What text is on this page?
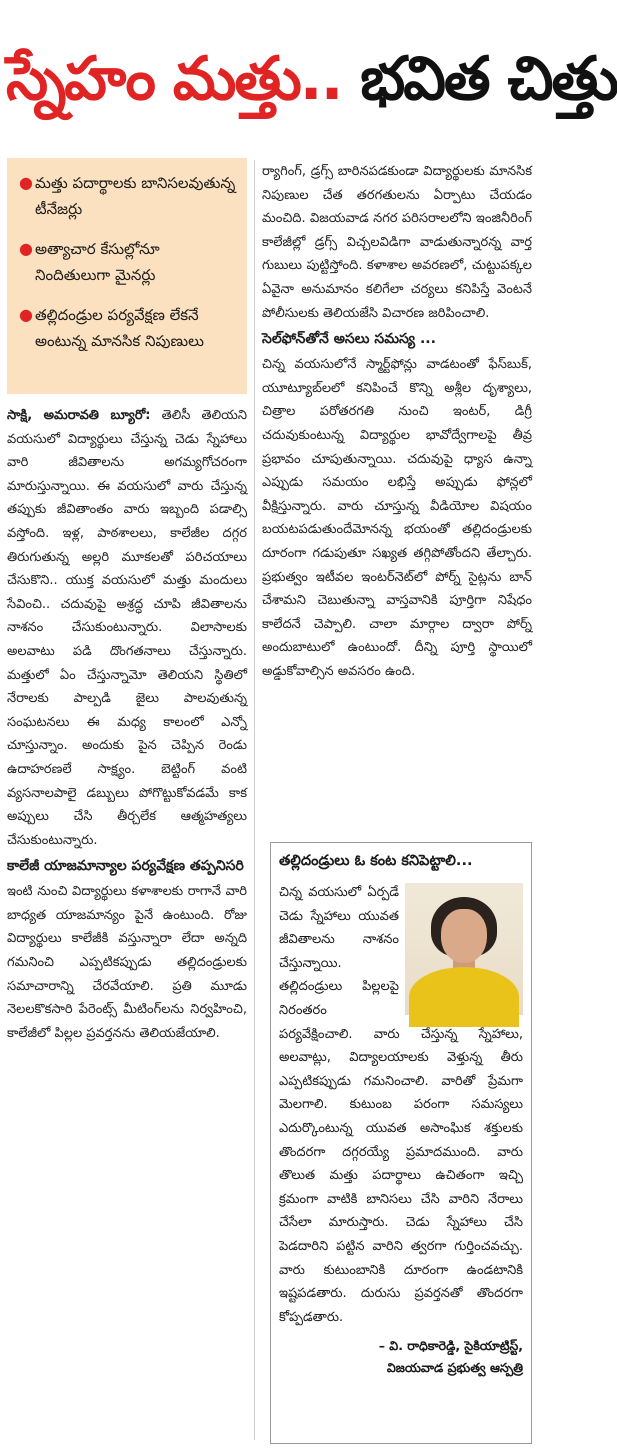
స్నేహం మత్తు.. భవిత చిత్తు
● మత్తు పదార్థాలకు బానిసలవుతున్న టీనేజర్లు
● అత్యాచార కేసుల్లోనూ నిందితులుగా మైనర్లు
● తల్లిదండ్రుల పర్యవేక్షణ లేకనే అంటున్న మానసిక నిపుణులు

సాక్షి, అమరావతి బ్యూరో: తెలిసీ తెలియని వయసులో విద్యార్థులు చేస్తున్న చెడు స్నేహాలు వారి జీవితాలను అగమ్యగోచరంగా మారుస్తున్నాయి. ఈ వయసులో వారు చేస్తున్న తప్పుకు జీవితాంతం వారు ఇబ్బంది పడాల్సి వస్తోంది. ఇళ్ల, పాఠశాలలు, కాలేజీల దగ్గర తిరుగుతున్న అల్లరి మూకలతో పరిచయాలు చేసుకొని.. యుక్త వయసులో మత్తు మందులు సేవించి.. చదువుపై అశ్రద్ధ చూపి జీవితాలను నాశనం చేసుకుంటున్నారు. విలాసాలకు అలవాటు పడి దొంగతనాలు చేస్తున్నారు. మత్తులో ఏం చేస్తున్నామో తెలియని స్థితిలో నేరాలకు పాల్పడి జైలు పాలవుతున్న సంఘటనలు ఈ మధ్య కాలంలో ఎన్నో చూస్తున్నాం. అందుకు పైన చెప్పిన రెండు ఉదాహరణలే సాక్ష్యం. బెట్టింగ్ వంటి వ్యసనాలపాలై డబ్బులు పోగొట్టుకోవడమే కాక అప్పులు చేసి తీర్చలేక ఆత్మహత్యలు చేసుకుంటున్నారు.

కాలేజీ యాజమాన్యాల పర్యవేక్షణ తప్పనిసరి

ఇంటి నుంచి విద్యార్థులు కళాశాలకు రాగానే వారి బాధ్యత యాజమాన్యం పైనే ఉంటుంది. రోజు విద్యార్థులు కాలేజీకి వస్తున్నారా లేదా అన్నది గమనించి ఎప్పటికప్పుడు తల్లిదండ్రులకు సమాచారాన్ని చేరవేయాలి. ప్రతి మూడు నెలలకొకసారి పేరెంట్స్ మీటింగ్‌లను నిర్వహించి, కాలేజీలో పిల్లల ప్రవర్తనను తెలియజేయాలి.

ర్యాగింగ్, డ్రగ్స్ బారినపడకుండా విద్యార్థులకు మానసిక నిపుణుల చేత తరగతులను ఏర్పాటు చేయడం మంచిది. విజయవాడ నగర పరిసరాలలోని ఇంజినీరింగ్ కాలేజీల్లో డ్రగ్స్ విచ్చలవిడిగా వాడుతున్నారన్న వార్త గుబులు పుట్టిస్తోంది. కళాశాల అవరణలో, చుట్టుపక్కల ఏవైనా అనుమానం కలిగేలా చర్యలు కనిపిస్తే వెంటనే పోలీసులకు తెలియజేసి విచారణ జరిపించాలి.

సెల్‌ఫోన్‌తోనే అసలు సమస్య ...

చిన్న వయసులోనే స్మార్ట్‌ఫోన్లు వాడటంతో ఫేస్‌బుక్, యూట్యూబ్‌లలో కనిపించే కొన్ని అశ్లీల దృశ్యాలు, చిత్రాల పరోతరగతి నుంచి ఇంటర్, డిగ్రీ చదువుకుంటున్న విద్యార్థుల భావోద్వేగాలపై తీవ్ర ప్రభావం చూపుతున్నాయి. చదువుపై ధ్యాస ఉన్నా ఎప్పుడు సమయం లభిస్తే అప్పుడు ఫోన్లలో వీక్షిస్తున్నారు. వారు చూస్తున్న వీడియోల విషయం బయటపడుతుందేమోనన్న భయంతో తల్లిదండ్రులకు దూరంగా గడుపుతూ సఖ్యత తగ్గిపోతోందని తేల్చారు. ప్రభుత్వం ఇటీవల ఇంటర్‌నెట్‌లో పోర్న్ సైట్లను బాన్ చేశామని చెబుతున్నా వాస్తవానికి పూర్తిగా నిషేధం కాలేదనే చెప్పాలి. చాలా మార్గాల ద్వారా పోర్న్ అందుబాటులో ఉంటుందో. దీన్ని పూర్తి స్థాయిలో అడ్డుకోవాల్సిన అవసరం ఉంది.

తల్లిదండ్రులు ఓ కంట కనిపెట్టాలి...

చిన్న వయసులో ఏర్పడే చెడు స్నేహాలు యువత జీవితాలను నాశనం చేస్తున్నాయి. తల్లిదండ్రులు పిల్లలపై నిరంతరం పర్యవేక్షించాలి. వారు చేస్తున్న స్నేహాలు, అలవాట్లు, విద్యాలయాలకు వెళ్తున్న తీరు ఎప్పటికప్పుడు గమనించాలి. వారితో ప్రేమగా మెలగాలి. కుటుంబ పరంగా సమస్యలు ఎదుర్కొంటున్న యువత అసాంఘిక శక్తులకు తొందరగా దగ్గరయ్యే ప్రమాదముంది. వారు తొలుత మత్తు పదార్థాలు ఉచితంగా ఇచ్చి క్రమంగా వాటికి బానిసలు చేసి వారిని నేరాలు చేసేలా మారుస్తారు. చెడు స్నేహాలు చేసి పెడదారిని పట్టిన వారిని త్వరగా గుర్తించవచ్చు. వారు కుటుంబానికి దూరంగా ఉండటానికి ఇష్టపడతారు. దురుసు ప్రవర్తనతో తొందరగా కోప్పడతారు.

– వి. రాధికారెడ్డి, సైకియాట్రిస్ట్,
విజయవాడ ప్రభుత్వ ఆస్పత్రి
